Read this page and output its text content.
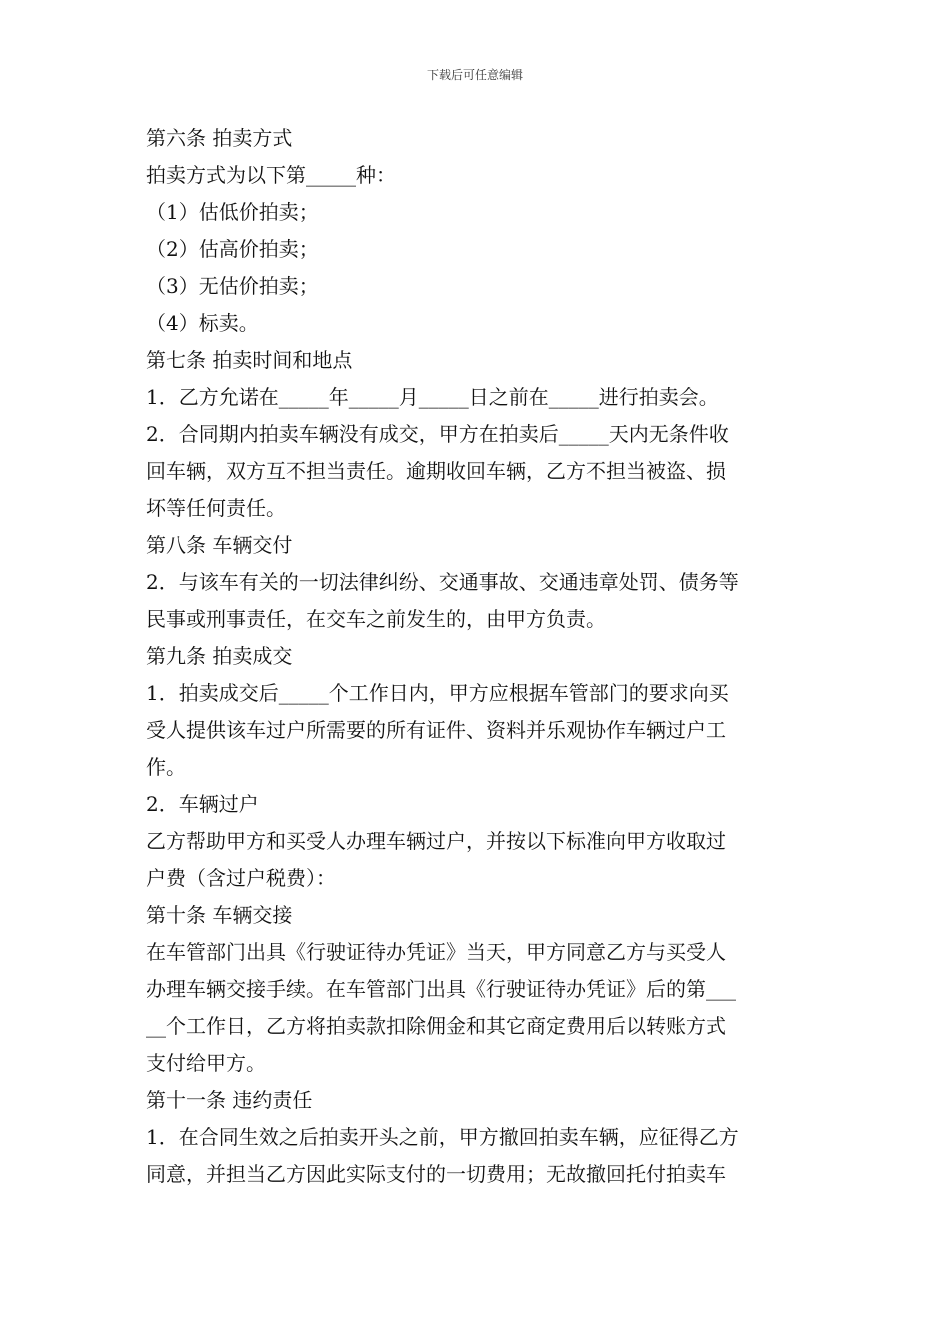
下载后可任意编辑

第六条 拍卖方式

拍卖方式为以下第_____种：

（1）估低价拍卖；

（2）估高价拍卖；

（3）无估价拍卖；

（4）标卖。

第七条 拍卖时间和地点

1．乙方允诺在_____年_____月_____日之前在_____进行拍卖会。

2．合同期内拍卖车辆没有成交，甲方在拍卖后_____天内无条件收

回车辆，双方互不担当责任。逾期收回车辆，乙方不担当被盗、损

坏等任何责任。

第八条 车辆交付

2．与该车有关的一切法律纠纷、交通事故、交通违章处罚、债务等

民事或刑事责任，在交车之前发生的，由甲方负责。

第九条 拍卖成交

1．拍卖成交后_____个工作日内，甲方应根据车管部门的要求向买

受人提供该车过户所需要的所有证件、资料并乐观协作车辆过户工

作。

2．车辆过户

乙方帮助甲方和买受人办理车辆过户，并按以下标准向甲方收取过

户费（含过户税费）：

第十条 车辆交接

在车管部门出具《行驶证待办凭证》当天，甲方同意乙方与买受人

办理车辆交接手续。在车管部门出具《行驶证待办凭证》后的第___

__个工作日，乙方将拍卖款扣除佣金和其它商定费用后以转账方式

支付给甲方。

第十一条 违约责任

1．在合同生效之后拍卖开头之前，甲方撤回拍卖车辆，应征得乙方

同意，并担当乙方因此实际支付的一切费用；无故撤回托付拍卖车
